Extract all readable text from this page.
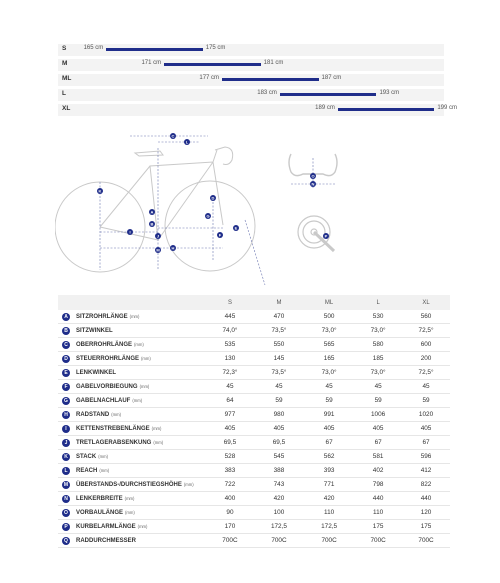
S	165 cm	175 cm
M	171 cm	181 cm
ML	177 cm	187 cm
L	183 cm	193 cm
XL	189 cm	199 cm
A
B
C
D
E
F
G
H
I
J
K
L
M
O
N
P
		S	M	ML	L	XL
A	SITZROHRLÄNGE (mm)	445	470	500	530	560
B	SITZWINKEL	74,0°	73,5°	73,0°	73,0°	72,5°
C	OBERROHRLÄNGE (mm)	535	550	565	580	600
D	STEUERROHRLÄNGE (mm)	130	145	165	185	200
E	LENKWINKEL	72,3°	73,5°	73,0°	73,0°	72,5°
F	GABELVORBIEGUNG (mm)	45	45	45	45	45
G	GABELNACHLAUF (mm)	64	59	59	59	59
H	RADSTAND (mm)	977	980	991	1006	1020
I	KETTENSTREBENLÄNGE (mm)	405	405	405	405	405
J	TRETLAGERABSENKUNG (mm)	69,5	69,5	67	67	67
K	STACK (mm)	528	545	562	581	596
L	REACH (mm)	383	388	393	402	412
M	ÜBERSTANDS-/DURCHSTIEGSHÖHE (mm)	722	743	771	798	822
N	LENKERBREITE (mm)	400	420	420	440	440
O	VORBAULÄNGE (mm)	90	100	110	110	120
P	KURBELARMLÄNGE (mm)	170	172,5	172,5	175	175
Q	RADDURCHMESSER	700C	700C	700C	700C	700C
